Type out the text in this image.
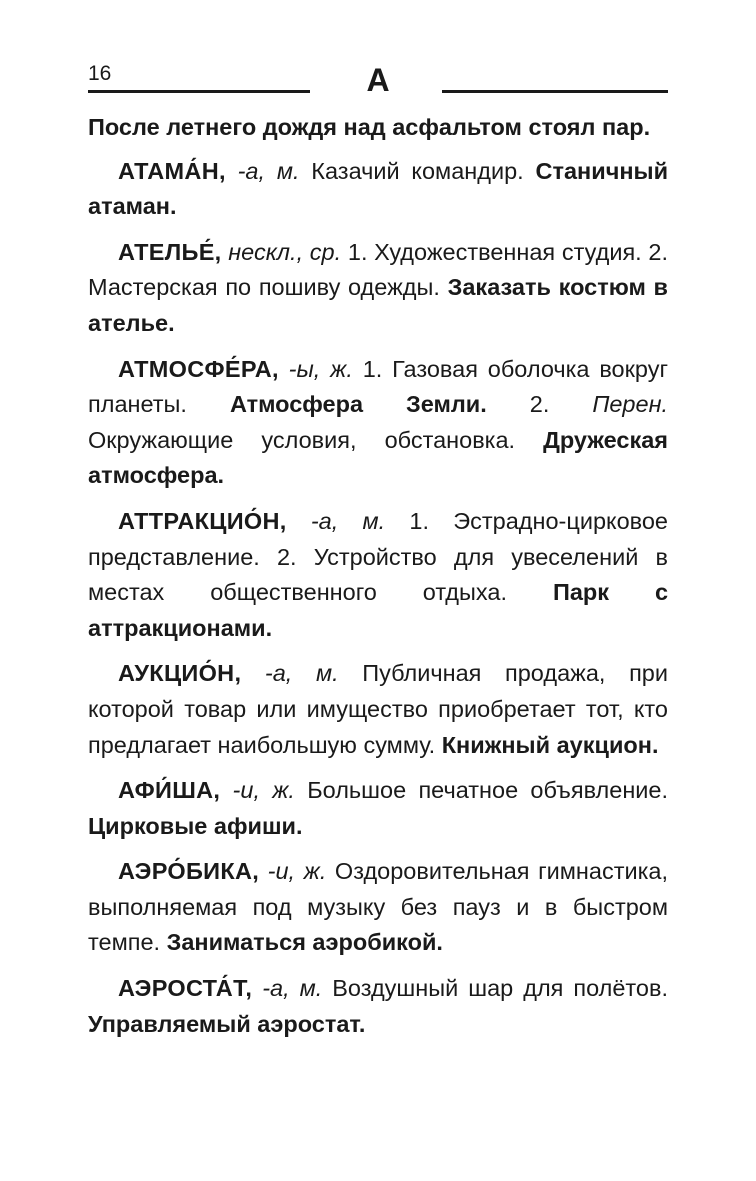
16	А

После летнего дождя над асфальтом стоял пар.

АТАМА́Н, -а, м. Казачий командир. Станичный атаман.

АТЕЛЬЕ́, нескл., ср. 1. Художественная студия. 2. Мастерская по пошиву одежды. Заказать костюм в ателье.

АТМОСФЕ́РА, -ы, ж. 1. Газовая оболочка вокруг планеты. Атмосфера Земли. 2. Перен. Окружающие условия, обстановка. Дружеская атмосфера.

АТТРАКЦИО́Н, -а, м. 1. Эстрадно-цирковое представление. 2. Устройство для увеселений в местах общественного отдыха. Парк с аттракционами.

АУКЦИО́Н, -а, м. Публичная продажа, при которой товар или имущество приобретает тот, кто предлагает наибольшую сумму. Книжный аукцион.

АФИ́ША, -и, ж. Большое печатное объявление. Цирковые афиши.

АЭРО́БИКА, -и, ж. Оздоровительная гимнастика, выполняемая под музыку без пауз и в быстром темпе. Заниматься аэробикой.

АЭРОСТА́Т, -а, м. Воздушный шар для полётов. Управляемый аэростат.
